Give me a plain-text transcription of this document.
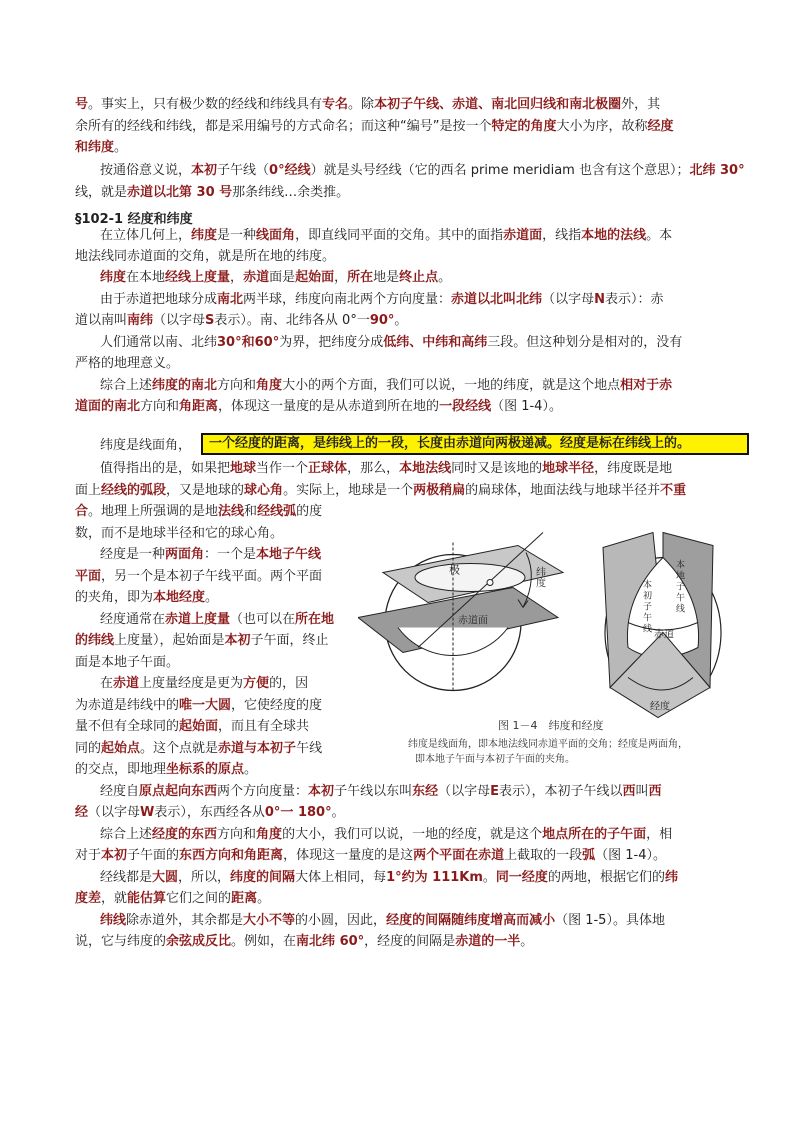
号。事实上，只有极少数的经线和纬线具有专名。除本初子午线、赤道、南北回归线和南北极圈外，其
余所有的经线和纬线，都是采用编号的方式命名；而这种“编号”是按一个特定的角度大小为序，故称经度
和纬度。
按通俗意义说，本初子午线（0°经线）就是头号经线（它的西名 prime meridiam 也含有这个意思）；北纬 30°
线，就是赤道以北第 30 号那条纬线…余类推。
§102-1 经度和纬度
在立体几何上，纬度是一种线面角，即直线同平面的交角。其中的面指赤道面，线指本地的法线。本
地法线同赤道面的交角，就是所在地的纬度。
纬度在本地经线上度量，赤道面是起始面，所在地是终止点。
由于赤道把地球分成南北两半球，纬度向南北两个方向度量：赤道以北叫北纬（以字母N表示）：赤
道以南叫南纬（以字母S表示）。南、北纬各从 0°一90°。
人们通常以南、北纬30°和60°为界，把纬度分成低纬、中纬和高纬三段。但这种划分是相对的，没有
严格的地理意义。
综合上述纬度的南北方向和角度大小的两个方面，我们可以说，一地的纬度，就是这个地点相对于赤
道面的南北方向和角距离，体现这一量度的是从赤道到所在地的一段经线（图 1-4）。
纬度是线面角，	一个经度的距离，是纬线上的一段，长度由赤道向两极递减。经度是标在纬线上的。
值得指出的是，如果把地球当作一个正球体，那么，本地法线同时又是该地的地球半径，纬度既是地
面上经线的弧段，又是地球的球心角。实际上，地球是一个两极稍扁的扁球体，地面法线与地球半径并不重
合。地理上所强调的是地法线和经线弧的度
数，而不是地球半径和它的球心角。
经度是一种两面角：一个是本地子午线
平面，另一个是本初子午线平面。两个平面
的夹角，即为本地经度。
经度通常在赤道上度量（也可以在所在地
的纬线上度量），起始面是本初子午面，终止
面是本地子午面。
在赤道上度量经度是更为方便的，因
为赤道是纬线中的唯一大圆，它使经度的度
量不但有全球同的起始面，而且有全球共
同的起始点。这个点就是赤道与本初子午线
的交点，即地理坐标系的原点。
经度自原点起向东西两个方向度量：本初子午线以东叫东经（以字母E表示），本初子午线以西叫西
经（以字母W表示），东西经各从0°一 180°。
综合上述经度的东西方向和角度的大小，我们可以说，一地的经度，就是这个地点所在的子午面，相
对于本初子午面的东西方向和角距离，体现这一量度的是这两个平面在赤道上截取的一段弧（图 1-4）。
经线都是大圆，所以，纬度的间隔大体上相同，每1°约为 111Km。同一经度的两地，根据它们的纬
度差，就能估算它们之间的距离。
纬线除赤道外，其余都是大小不等的小圆，因此，经度的间隔随纬度增高而减小（图 1-5）。具体地
说，它与纬度的余弦成反比。例如，在南北纬 60°，经度的间隔是赤道的一半。
极	纬度
赤道面
本初子午线
本地子午线
赤道
经度
图 1－4　纬度和经度
纬度是线面角，即本地法线同赤道平面的交角；经度是两面角，
即本地子午面与本初子午面的夹角。
